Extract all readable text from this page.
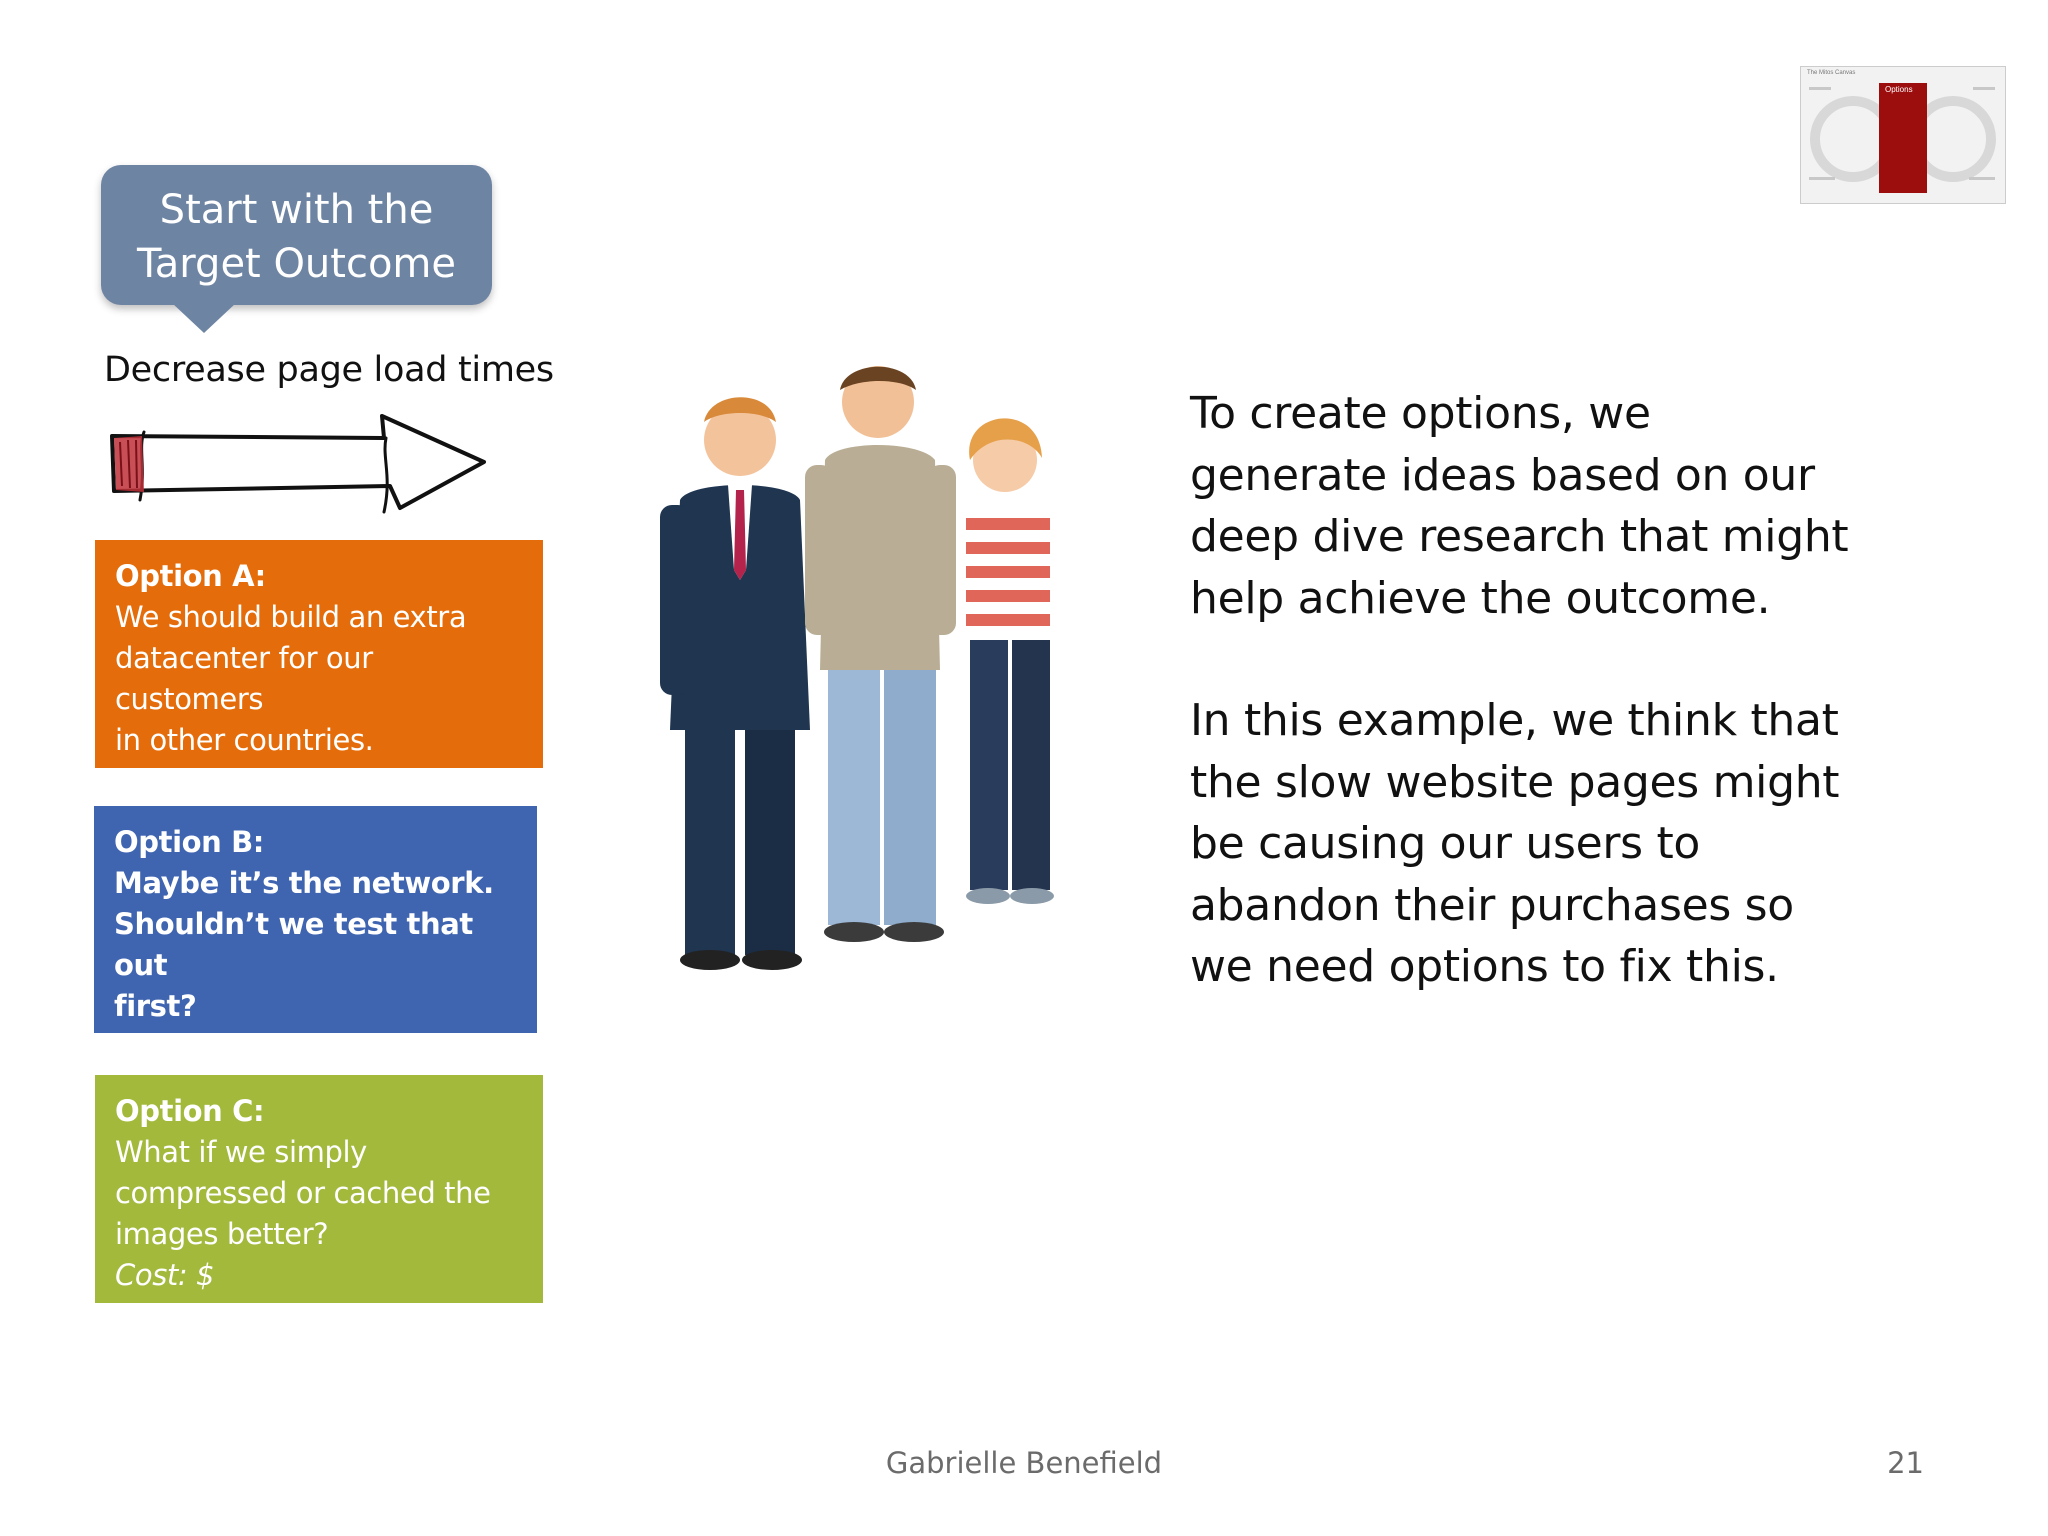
Start with the
Target Outcome
Decrease page load times
Option A:
We should build an extra
datacenter for our customers
in other countries.
Cost: $$$
Option B:
Maybe it’s the network.
Shouldn’t we test that out
first?
Cost: $$
Option C:
What if we simply
compressed or cached the
images better?
Cost: $
To create options, we
generate ideas based on our
deep dive research that might
help achieve the outcome.
In this example, we think that
the slow website pages might
be causing our users to
abandon their purchases so
we need options to fix this.
The Mitos Canvas
Options
Gabrielle Benefield	21
